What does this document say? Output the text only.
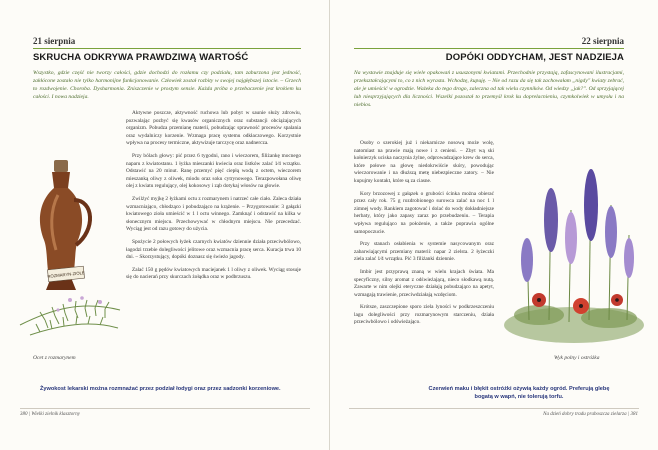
21 sierpnia
SKRUCHA ODKRYWA PRAWDZIWĄ WARTOŚĆ
Wszystko, gdzie część nie tworzy całości, gdzie dochodzi do rozłamu czy podziału, tam zaburzona jest jedność, zakłócone zostało nie tylko harmonijne funkcjonowanie. Człowiek został rozbity w swojej najgłębszej istocie. – Grzech to rozdwojenie. Choroba. Dysharmonia. Zniszczenie w prostym sensie. Każda próba o przebaczenie jest krokiem ku całości. I nowa nadzieja.
ROZMARYN-ZIOLE
Ocet z rozmarynem

Aktywne poszcze, aktywność ruchowa lub pobyt w saunie służy zdrowiu, pozwalając pozbyć się kwasów organicznych oraz substancji obciążających organizm. Pobudza przemianę materii, pobudzając sprawność procesów spalania oraz wydalniczy korzenie. Wzmaga pracę systemu odkłaczowego. Korzystnie wpływa na procesy termiczne, aktywizuje tarczycę oraz nadnercza.

Przy bólach głowy: pić przez 6 tygodni, rano i wieczorem, filiżankę mocnego naparu z kwiatostanu. 1 łyżka mieszanki kwiecia oraz listków zalać 1⁄4 wrzątku. Odstawić na 20 minut. Ranę przemyć pięć ciepłą wodą z octem, wieczorem mieszanką oliwy z oliwek, miodu oraz soku cytrynowego. Terazpowołana oliwę olej z kwiatu regulujący, olej kokosowy i ząb dotykaj włosów na głowie.

Zwilżyć myjkę 2 łyżkami octu z rozmarynem i natrzeć całe ciało. Zaleca działa wzmacniająco, chłodząco i pobudzająco na krążenie. – Przygotowanie: 3 gałązki kwiatowego zioła umieścić w 1 l octu winnego. Zamknąć i odstawić na kilka w słonecznym miejscu. Przechowywać w chłodnym miejscu. Nie przecedzać. Wyciąg jest od razu gotowy do użycia.

Spożycie 2 połowych łyżek czarnych kwiatów dziennie działa przeciwbólowo, łagodzi trzebie dolegliwości jelitowe oraz wzmacnia pracę serca. Kuracja trwa 10 dni. – Skorzystujący, dopóki doznasz się świeżo jagody.

Zalać 150 g pędów kwiatowych maciejanek 1 l oliwy z oliwek. Wyciąg stosuje się do nacierań przy skurczach żołądka oraz w podbrzuszu.

Żywokost lekarski można rozmnażać przez podział łodygi oraz przez sadzonki korzeniowe.
380 | Wielki zielnik klasztorny
22 sierpnia
DOPÓKI ODDYCHAM, JEST NADZIEJA
Na wystawie znajduje się wiele opakowań z ususzonymi kwiatami. Przechodnie przystają, zafascynowani ilustracjami, przekształcającymi to, co z nich wyrasta. Wchodzę, kupuję. – Nie od razu da się tak zachowałam „nigdy" kwiaty zebrać, ale je umieścić w ogrodzie. Ważeka do tego drogo, zaleczna od tak wielu czynników. Od wiedzy „jak?". Od sprzyjającej lub niesprzyjających dla liczności. Wszelki pozostał to przemyśl krok ku doprelacnieniu, czymkolwiek w umysłu i na niebios.

Osoby o szerokiej już i niekarnicze nosową może wolę, natomiast na prawie mają nowe i z cenieni. – Zbyt wą ski kołnierzyk uciska naczynia żylne, odprowadzające krew do serca, które połowe na głowę niedokrwiście skóry, powodując wieczorowanie i na dłuższą metę niebezpieczne zatory. – Nie kupujmy kontakt, które są za ciasne.

Kory brzozowej z gałązek o grubości ścinka można obierać przez cały rok. 75 g rozdrobionego surowca zalać na noc 1 l zimnej wody. Rankiem zagotować i dolać do wody dokładniejsze herbaty, który jako zapasy zaraz po przebudzeniu. – Terapia wpływa regulująco na położenie, a także poprawia ogólne samopoczucie.

Przy stanach osłabienia w systemie nasycowanym oraz zabarwiającymi przemiany materii: napar 2 zielsta. 2 łyżeczki ziela zalać 1⁄4 wrzątku. Pić 3 filiżanki dziennie.

Imbir jest przyprawą znaną w wielu krajach świata. Ma specyficzny, silny aromat z odświeżającą, nieco słodkawą nutą. Zawarte w nim olejki eteryczne działają pobudzająco na apetyt, wzmagają trawienie, przeciwdziałają wzdęciom.

Krótsze, zaszczepione sporo ziela lyności w podkrzeszczeniu lagu dolegliwości przy rozmarynowym starczeniu, działa przeciwbólowo i odświeżająco.

Wyk polny i ostróżka
Czerwień maku i błękit ostróżki ożywią każdy ogród. Preferują glebę bogatą w wapń, nie tolerują torfu.
Na dzień dobry tradu praboszcza zielarza | 381
